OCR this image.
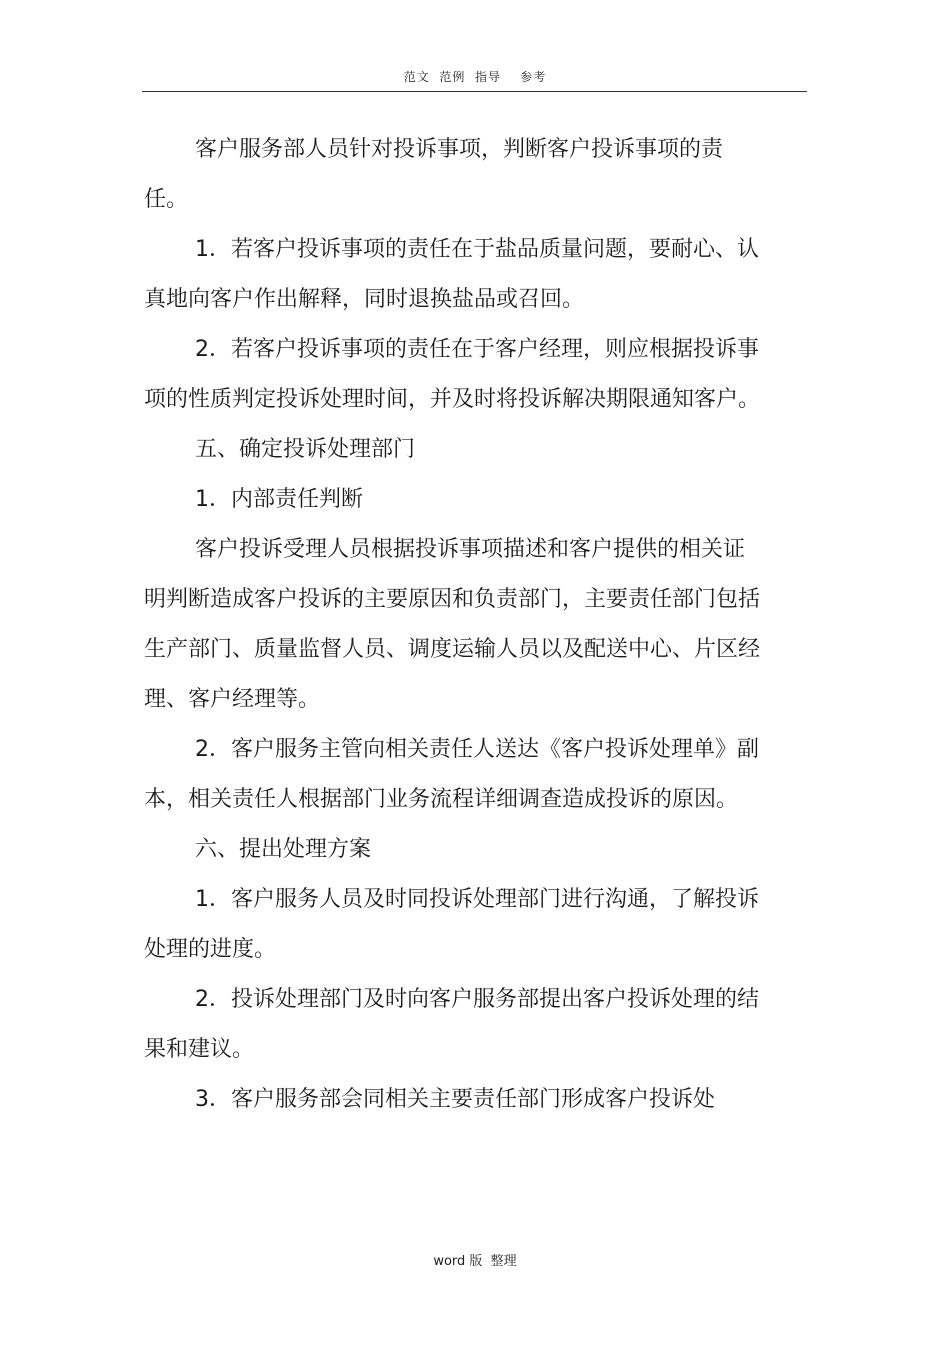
范文  范例  指导    参考

客户服务部人员针对投诉事项，判断客户投诉事项的责任。

1．若客户投诉事项的责任在于盐品质量问题，要耐心、认真地向客户作出解释，同时退换盐品或召回。

2．若客户投诉事项的责任在于客户经理，则应根据投诉事项的性质判定投诉处理时间，并及时将投诉解决期限通知客户。

五、确定投诉处理部门

1．内部责任判断

客户投诉受理人员根据投诉事项描述和客户提供的相关证明判断造成客户投诉的主要原因和负责部门，主要责任部门包括生产部门、质量监督人员、调度运输人员以及配送中心、片区经理、客户经理等。

2．客户服务主管向相关责任人送达《客户投诉处理单》副本，相关责任人根据部门业务流程详细调查造成投诉的原因。

六、提出处理方案

1．客户服务人员及时同投诉处理部门进行沟通，了解投诉处理的进度。

2．投诉处理部门及时向客户服务部提出客户投诉处理的结果和建议。

3．客户服务部会同相关主要责任部门形成客户投诉处

word 版  整理
